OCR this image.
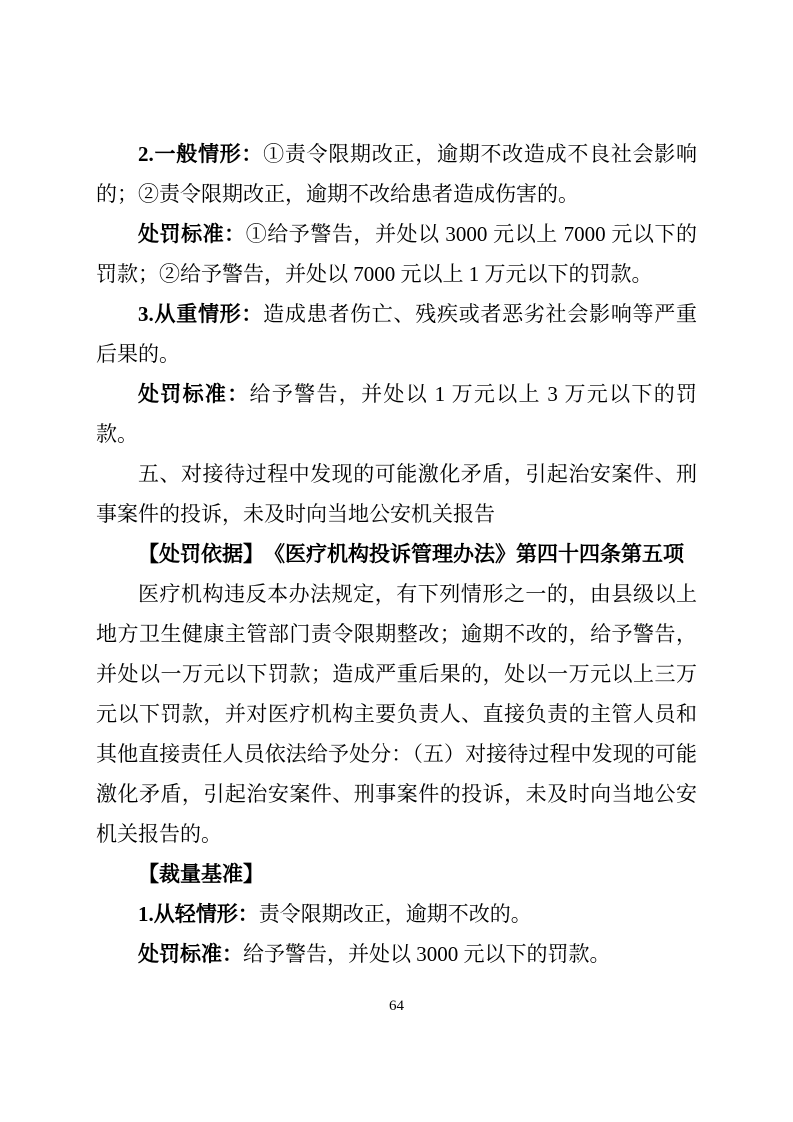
2.一般情形：①责令限期改正，逾期不改造成不良社会影响的；②责令限期改正，逾期不改给患者造成伤害的。

处罚标准：①给予警告，并处以 3000 元以上 7000 元以下的罚款；②给予警告，并处以 7000 元以上 1 万元以下的罚款。

3.从重情形：造成患者伤亡、残疾或者恶劣社会影响等严重后果的。

处罚标准：给予警告，并处以 1 万元以上 3 万元以下的罚款。

五、对接待过程中发现的可能激化矛盾，引起治安案件、刑事案件的投诉，未及时向当地公安机关报告

【处罚依据】　《医疗机构投诉管理办法》第四十四条第五项

医疗机构违反本办法规定，有下列情形之一的，由县级以上地方卫生健康主管部门责令限期整改；逾期不改的，给予警告，并处以一万元以下罚款；造成严重后果的，处以一万元以上三万元以下罚款，并对医疗机构主要负责人、直接负责的主管人员和其他直接责任人员依法给予处分：（五）对接待过程中发现的可能激化矛盾，引起治安案件、刑事案件的投诉，未及时向当地公安机关报告的。

【裁量基准】

1.从轻情形：责令限期改正，逾期不改的。

处罚标准：给予警告，并处以 3000 元以下的罚款。

64
